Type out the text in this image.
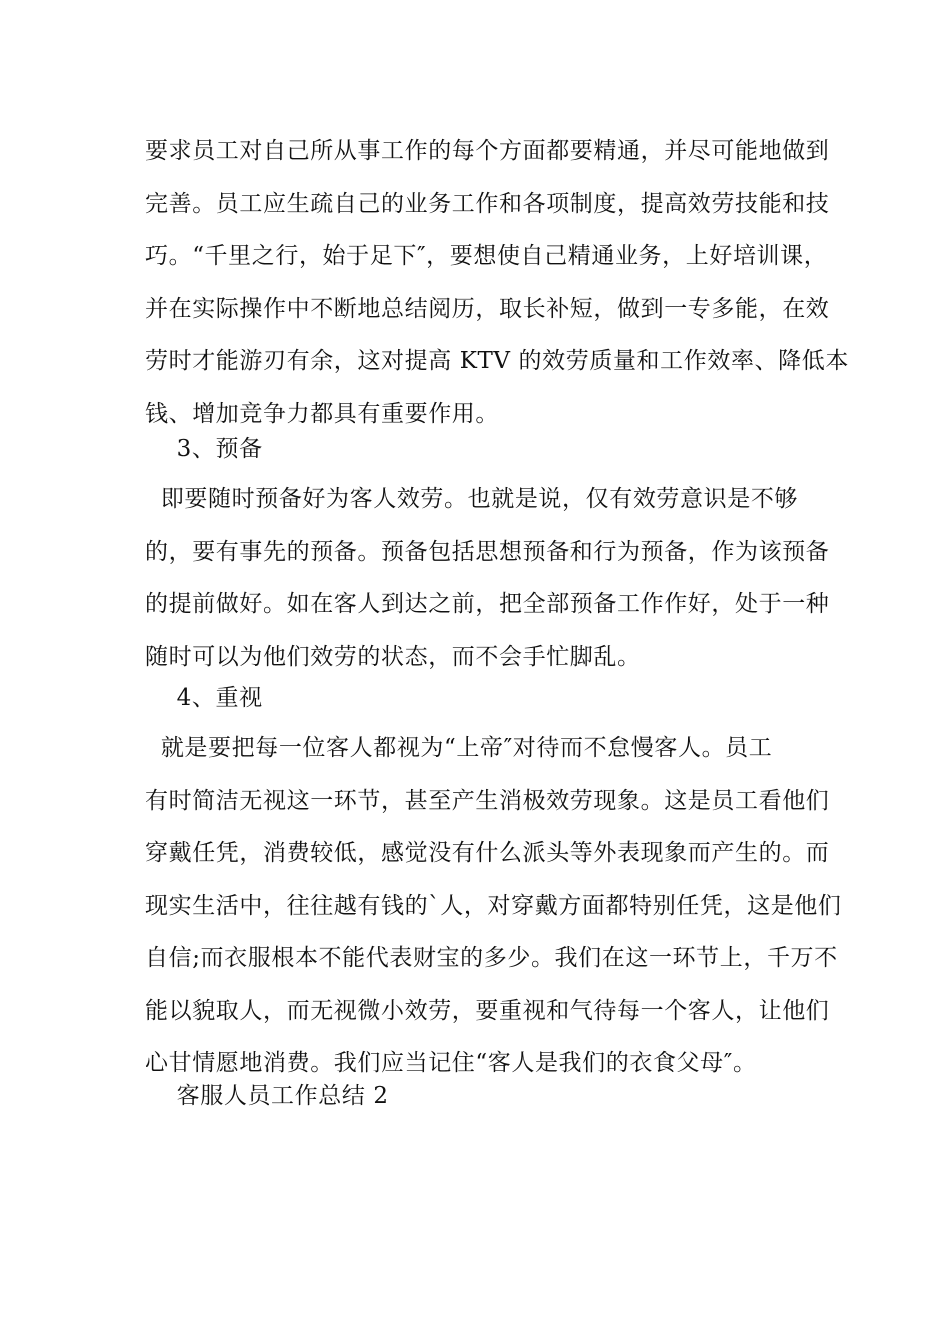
要求员工对自己所从事工作的每个方面都要精通，并尽可能地做到
完善。员工应生疏自己的业务工作和各项制度，提高效劳技能和技
巧。“千里之行，始于足下″，要想使自己精通业务，上好培训课，
并在实际操作中不断地总结阅历，取长补短，做到一专多能，在效
劳时才能游刃有余，这对提高 KTV 的效劳质量和工作效率、降低本
钱、增加竞争力都具有重要作用。
3、预备
即要随时预备好为客人效劳。也就是说，仅有效劳意识是不够
的，要有事先的预备。预备包括思想预备和行为预备，作为该预备
的提前做好。如在客人到达之前，把全部预备工作作好，处于一种
随时可以为他们效劳的状态，而不会手忙脚乱。
4、重视
就是要把每一位客人都视为“上帝″对待而不怠慢客人。员工
有时简洁无视这一环节，甚至产生消极效劳现象。这是员工看他们
穿戴任凭，消费较低，感觉没有什么派头等外表现象而产生的。而
现实生活中，往往越有钱的`人，对穿戴方面都特别任凭，这是他们
自信;而衣服根本不能代表财宝的多少。我们在这一环节上，千万不
能以貌取人，而无视微小效劳，要重视和气待每一个客人，让他们
心甘情愿地消费。我们应当记住“客人是我们的衣食父母″。
客服人员工作总结 2
